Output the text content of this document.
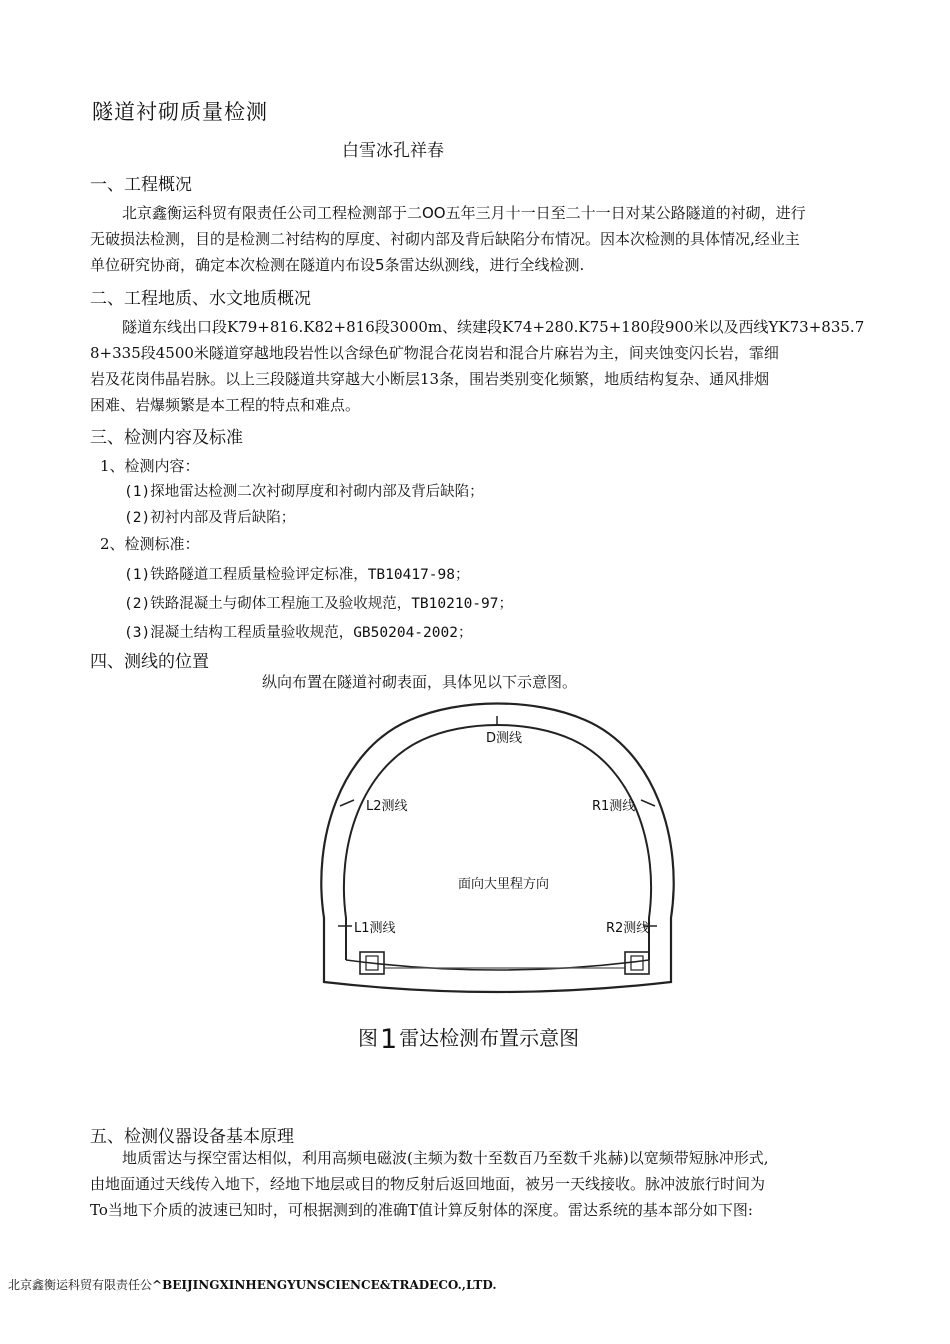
隧道衬砌质量检测
白雪冰孔祥春
一、工程概况
北京鑫衡运科贸有限责任公司工程检测部于二OO五年三月十一日至二十一日对某公路隧道的衬砌，进行
无破损法检测，目的是检测二衬结构的厚度、衬砌内部及背后缺陷分布情况。因本次检测的具体情况,经业主
单位研究协商，确定本次检测在隧道内布设5条雷达纵测线，进行全线检测.
二、工程地质、水文地质概况
隧道东线出口段K79+816.K82+816段3000m、续建段K74+280.K75+180段900米以及西线YK73+835.7
8+335段4500米隧道穿越地段岩性以含绿色矿物混合花岗岩和混合片麻岩为主，间夹蚀变闪长岩，霏细
岩及花岗伟晶岩脉。以上三段隧道共穿越大小断层13条，围岩类别变化频繁，地质结构复杂、通风排烟
困难、岩爆频繁是本工程的特点和难点。
三、检测内容及标准
1、检测内容：
(1)探地雷达检测二次衬砌厚度和衬砌内部及背后缺陷；
(2)初衬内部及背后缺陷；
2、检测标准：
(1)铁路隧道工程质量检验评定标准，TB10417-98；
(2)铁路混凝土与砌体工程施工及验收规范，TB10210-97；
(3)混凝土结构工程质量验收规范，GB50204-2002；
四、测线的位置
纵向布置在隧道衬砌表面，具体见以下示意图。
D测线
L2测线	R1测线
面向大里程方向
L1测线	R2测线
图1 雷达检测布置示意图
五、检测仪器设备基本原理
地质雷达与探空雷达相似，利用高频电磁波(主频为数十至数百乃至数千兆赫)以宽频带短脉冲形式,
由地面通过天线传入地下，经地下地层或目的物反射后返回地面，被另一天线接收。脉冲波旅行时间为
To当地下介质的波速已知时，可根据测到的准确T值计算反射体的深度。雷达系统的基本部分如下图:
北京鑫衡运科贸有限责任公^BEIJINGXINHENGYUNSCIENCE&TRADECO.,LTD.
